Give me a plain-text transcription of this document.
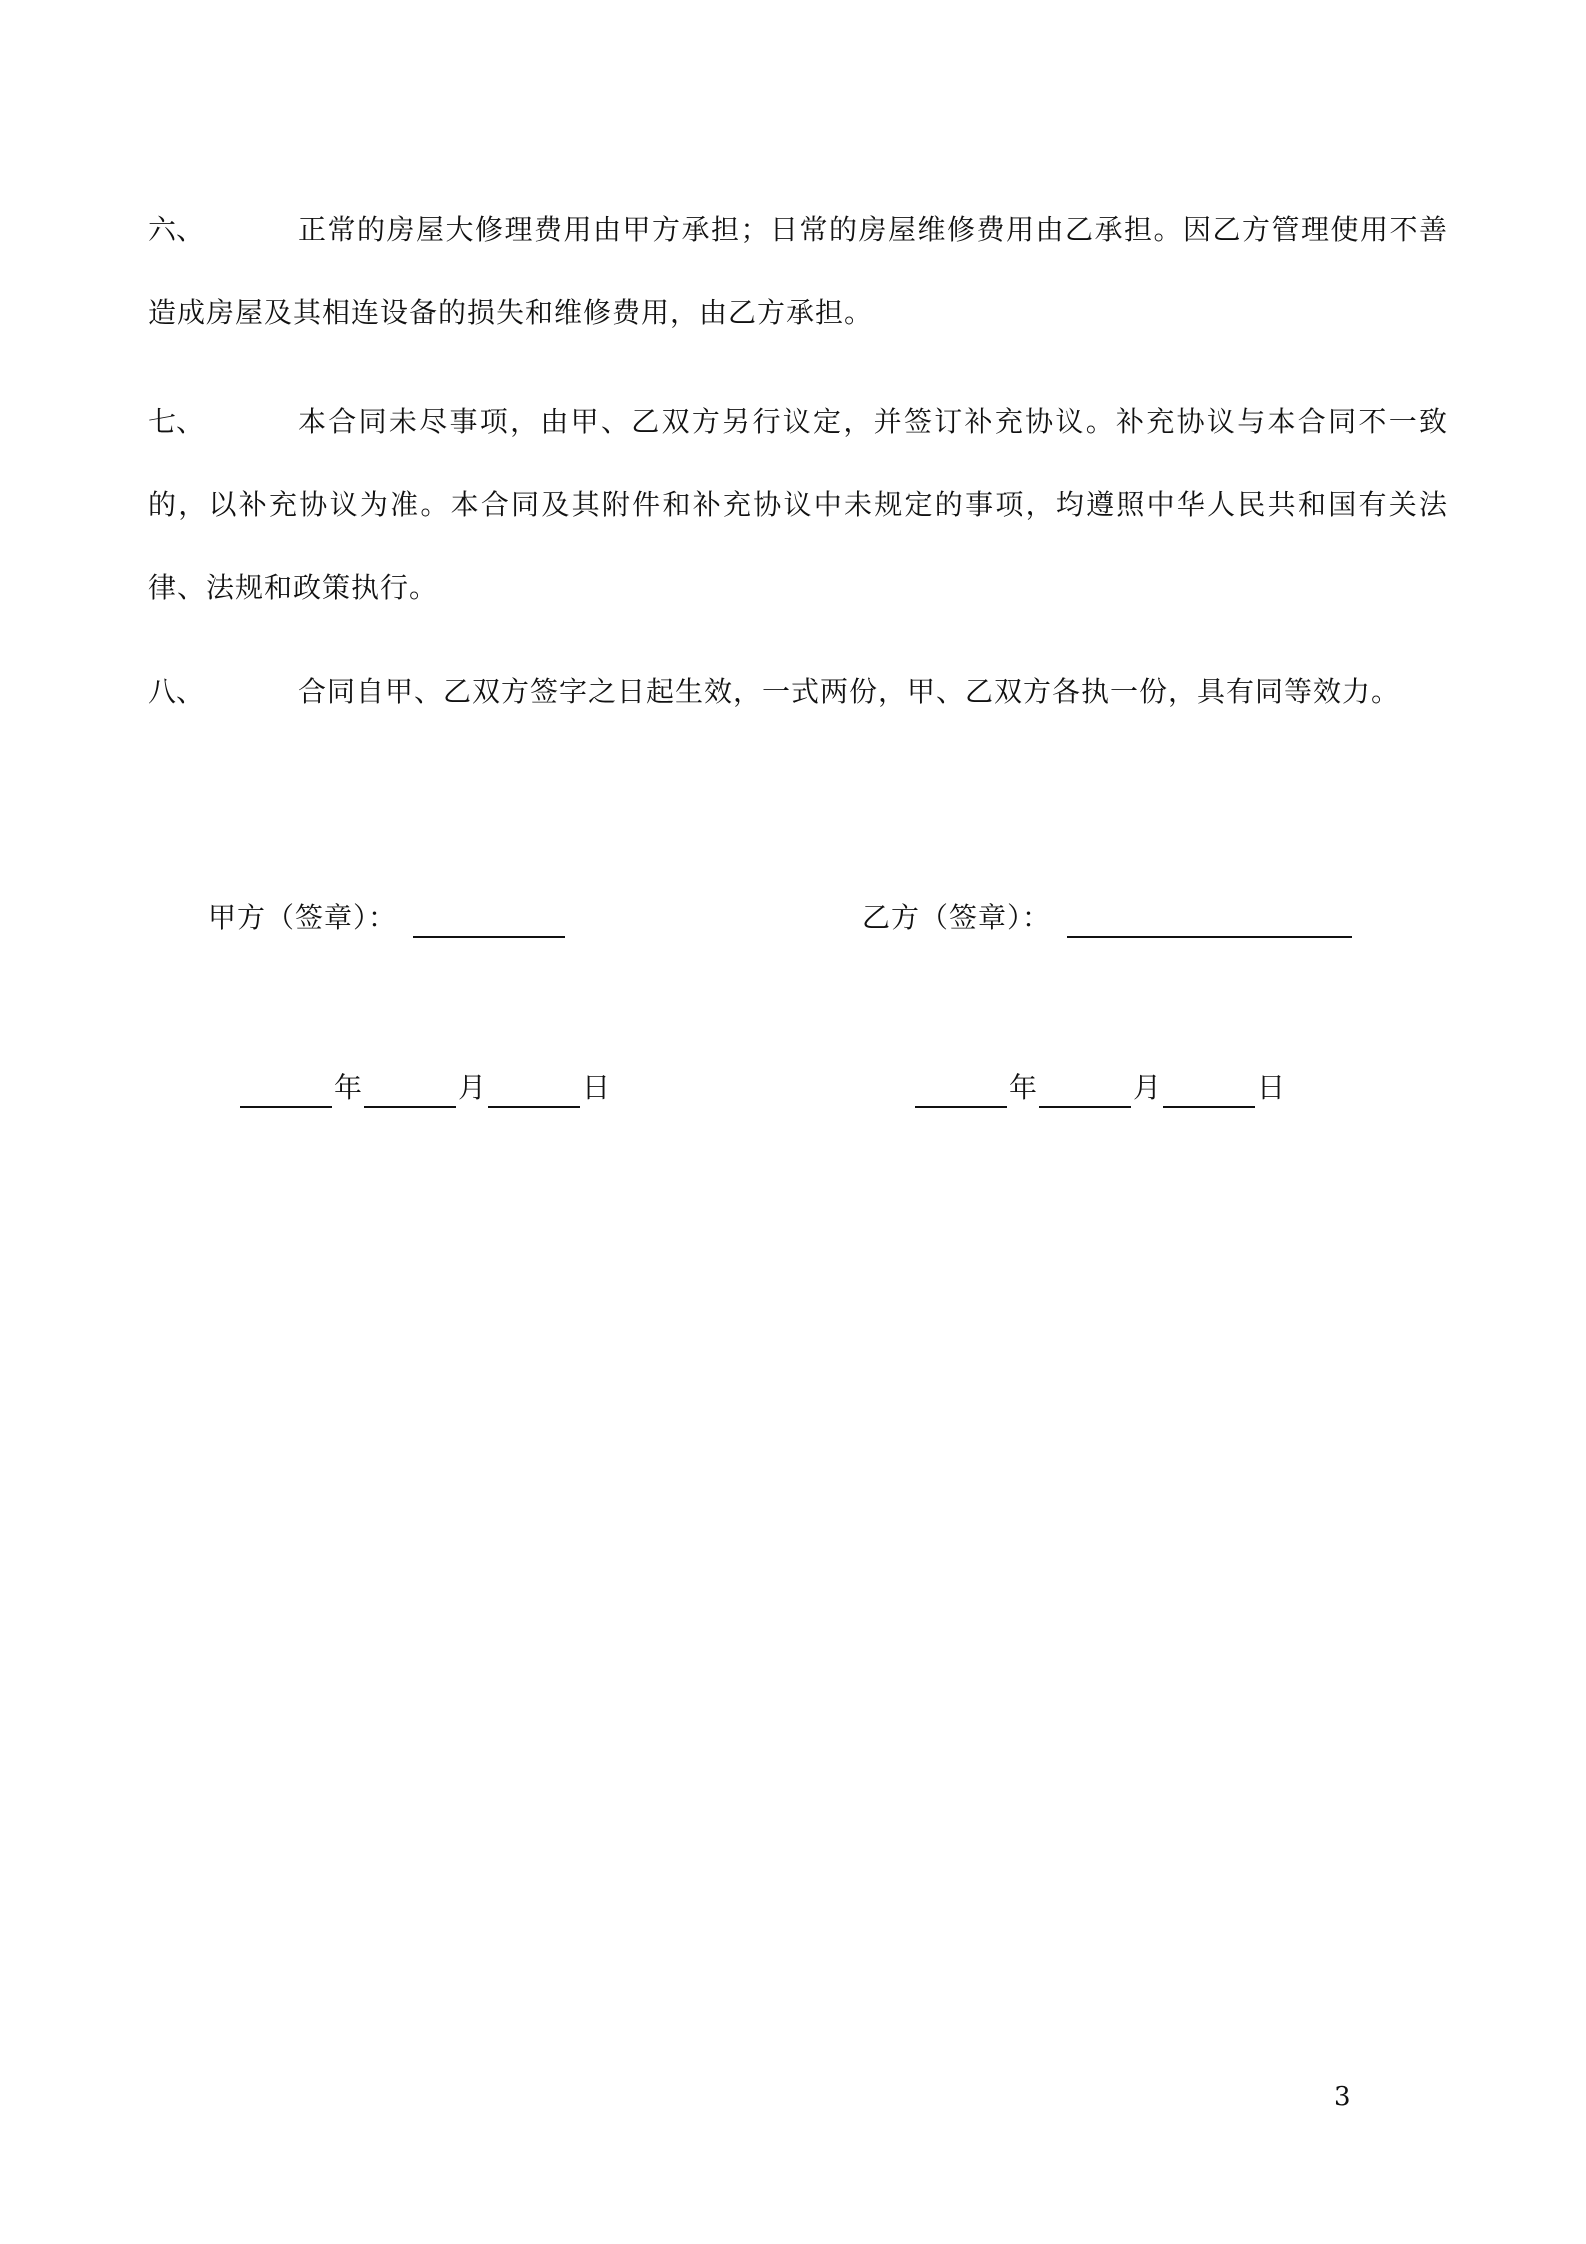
六、	正常的房屋大修理费用由甲方承担；日常的房屋维修费用由乙承担。因乙方管理使用不善造成房屋及其相连设备的损失和维修费用，由乙方承担。
七、	本合同未尽事项，由甲、乙双方另行议定，并签订补充协议。补充协议与本合同不一致的，以补充协议为准。本合同及其附件和补充协议中未规定的事项，均遵照中华人民共和国有关法律、法规和政策执行。
八、	合同自甲、乙双方签字之日起生效，一式两份，甲、乙双方各执一份，具有同等效力。
甲方（签章）：	乙方（签章）：
年	月	日	年	月	日
3
